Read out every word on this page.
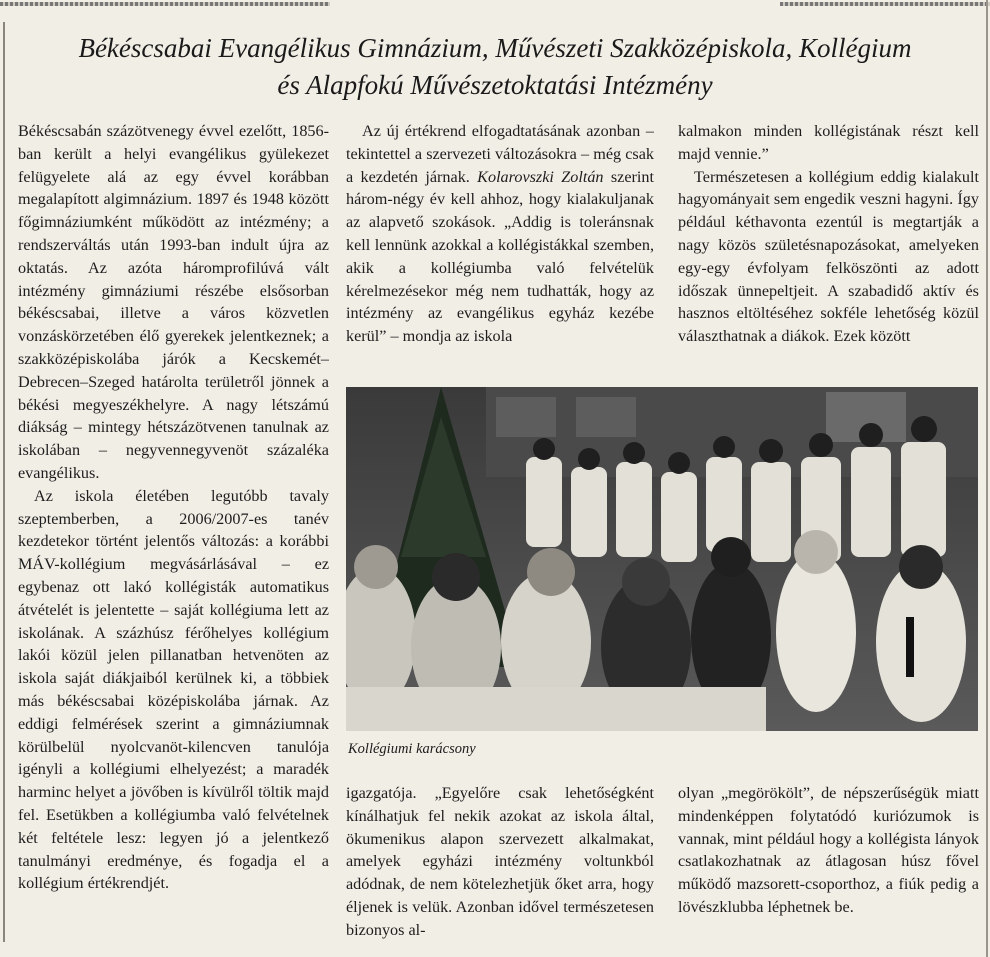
Békéscsabai Evangélikus Gimnázium, Művészeti Szakközépiskola, Kollégium
és Alapfokú Művészetoktatási Intézmény

Békéscsabán százötvenegy évvel ezelőtt, 1856-ban került a helyi evangélikus gyülekezet felügyelete alá az egy évvel korábban megalapított algimnázium. 1897 és 1948 között főgimnáziumként működött az intézmény; a rendszerváltás után 1993-ban indult újra az oktatás. Az azóta háromprofilúvá vált intézmény gimnáziumi részébe elsősorban békéscsabai, illetve a város közvetlen vonzáskörzetében élő gyerekek jelentkeznek; a szakközépiskolába járók a Kecskemét–Debrecen–Szeged határolta területről jönnek a békési megyeszékhelyre. A nagy létszámú diákság – mintegy hétszázötvenen tanulnak az iskolában – negyvennegyvenöt százaléka evangélikus.

Az iskola életében legutóbb tavaly szeptemberben, a 2006/2007-es tanév kezdetekor történt jelentős változás: a korábbi MÁV-kollégium megvásárlásával – ez egybenaz ott lakó kollégisták automatikus átvételét is jelentette – saját kollégiuma lett az iskolának. A százhúsz férőhelyes kollégium lakói közül jelen pillanatban hetvenöten az iskola saját diákjaiból kerülnek ki, a többiek más békéscsabai középiskolába járnak. Az eddigi felmérések szerint a gimnáziumnak körülbelül nyolcvanöt-kilencven tanulója igényli a kollégiumi elhelyezést; a maradék harminc helyet a jövőben is kívülről töltik majd fel. Esetükben a kollégiumba való felvételnek két feltétele lesz: legyen jó a jelentkező tanulmányi eredménye, és fogadja el a kollégium értékrendjét.

Az új értékrend elfogadtatásának azonban – tekintettel a szervezeti változásokra – még csak a kezdetén járnak. Kolarovszki Zoltán szerint három-négy év kell ahhoz, hogy kialakuljanak az alapvető szokások. „Addig is toleránsnak kell lennünk azokkal a kollégistákkal szemben, akik a kollégiumba való felvételük kérelmezésekor még nem tudhatták, hogy az intézmény az evangélikus egyház kezébe kerül” – mondja az iskola

kalmakon minden kollégistának részt kell majd vennie.”

Természetesen a kollégium eddig kialakult hagyományait sem engedik veszni hagyni. Így például kéthavonta ezentúl is megtartják a nagy közös születésnapozásokat, amelyeken egy-egy évfolyam felköszönti az adott időszak ünnepeltjeit. A szabadidő aktív és hasznos eltöltéséhez sokféle lehetőség közül választhatnak a diákok. Ezek között

Kollégiumi karácsony

igazgatója. „Egyelőre csak lehetőségként kínálhatjuk fel nekik azokat az iskola által, ökumenikus alapon szervezett alkalmakat, amelyek egyházi intézmény voltunkból adódnak, de nem kötelezhetjük őket arra, hogy éljenek is velük. Azonban idővel természetesen bizonyos al-

olyan „megörökölt”, de népszerűségük miatt mindenképpen folytatódó kuriózumok is vannak, mint például hogy a kollégista lányok csatlakozhatnak az átlagosan húsz fővel működő mazsorett-csoporthoz, a fiúk pedig a lövészklubba léphetnek be.
